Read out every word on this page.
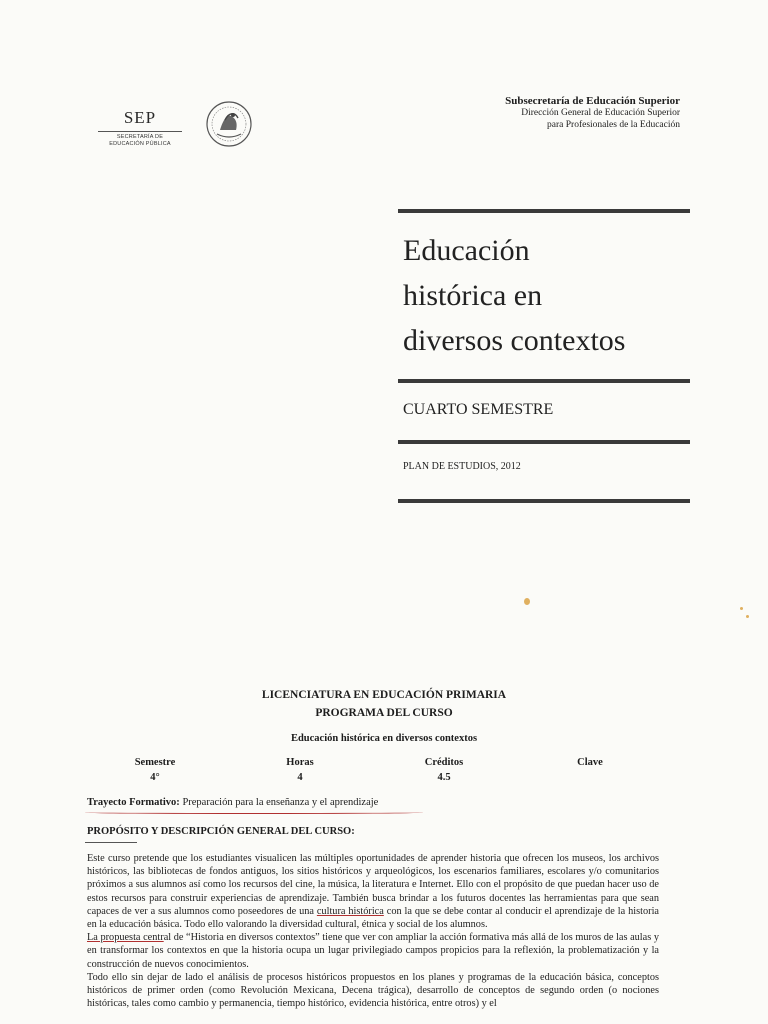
SEP
SECRETARÍA DE
EDUCACIÓN PÚBLICA
Subsecretaría de Educación Superior
Dirección General de Educación Superior
para Profesionales de la Educación
Educación
histórica en
diversos contextos
CUARTO SEMESTRE
PLAN DE ESTUDIOS, 2012
LICENCIATURA EN EDUCACIÓN PRIMARIA
PROGRAMA DEL CURSO
Educación histórica en diversos contextos
Semestre	Horas	Créditos	Clave
4°	4	4.5
Trayecto Formativo: Preparación para la enseñanza y el aprendizaje
PROPÓSITO Y DESCRIPCIÓN GENERAL DEL CURSO:

Este curso pretende que los estudiantes visualicen las múltiples oportunidades de aprender historia que ofrecen los museos, los archivos históricos, las bibliotecas de fondos antiguos, los sitios históricos y arqueológicos, los escenarios familiares, escolares y/o comunitarios próximos a sus alumnos así como los recursos del cine, la música, la literatura e Internet. Ello con el propósito de que puedan hacer uso de estos recursos para construir experiencias de aprendizaje. También busca brindar a los futuros docentes las herramientas para que sean capaces de ver a sus alumnos como poseedores de una cultura histórica con la que se debe contar al conducir el aprendizaje de la historia en la educación básica. Todo ello valorando la diversidad cultural, étnica y social de los alumnos.

La propuesta central de “Historia en diversos contextos” tiene que ver con ampliar la acción formativa más allá de los muros de las aulas y en transformar los contextos en que la historia ocupa un lugar privilegiado campos propicios para la reflexión, la problematización y la construcción de nuevos conocimientos.

Todo ello sin dejar de lado el análisis de procesos históricos propuestos en los planes y programas de la educación básica, conceptos históricos de primer orden (como Revolución Mexicana, Decena trágica), desarrollo de conceptos de segundo orden (o nociones históricas, tales como cambio y permanencia, tiempo histórico, evidencia histórica, entre otros) y el
